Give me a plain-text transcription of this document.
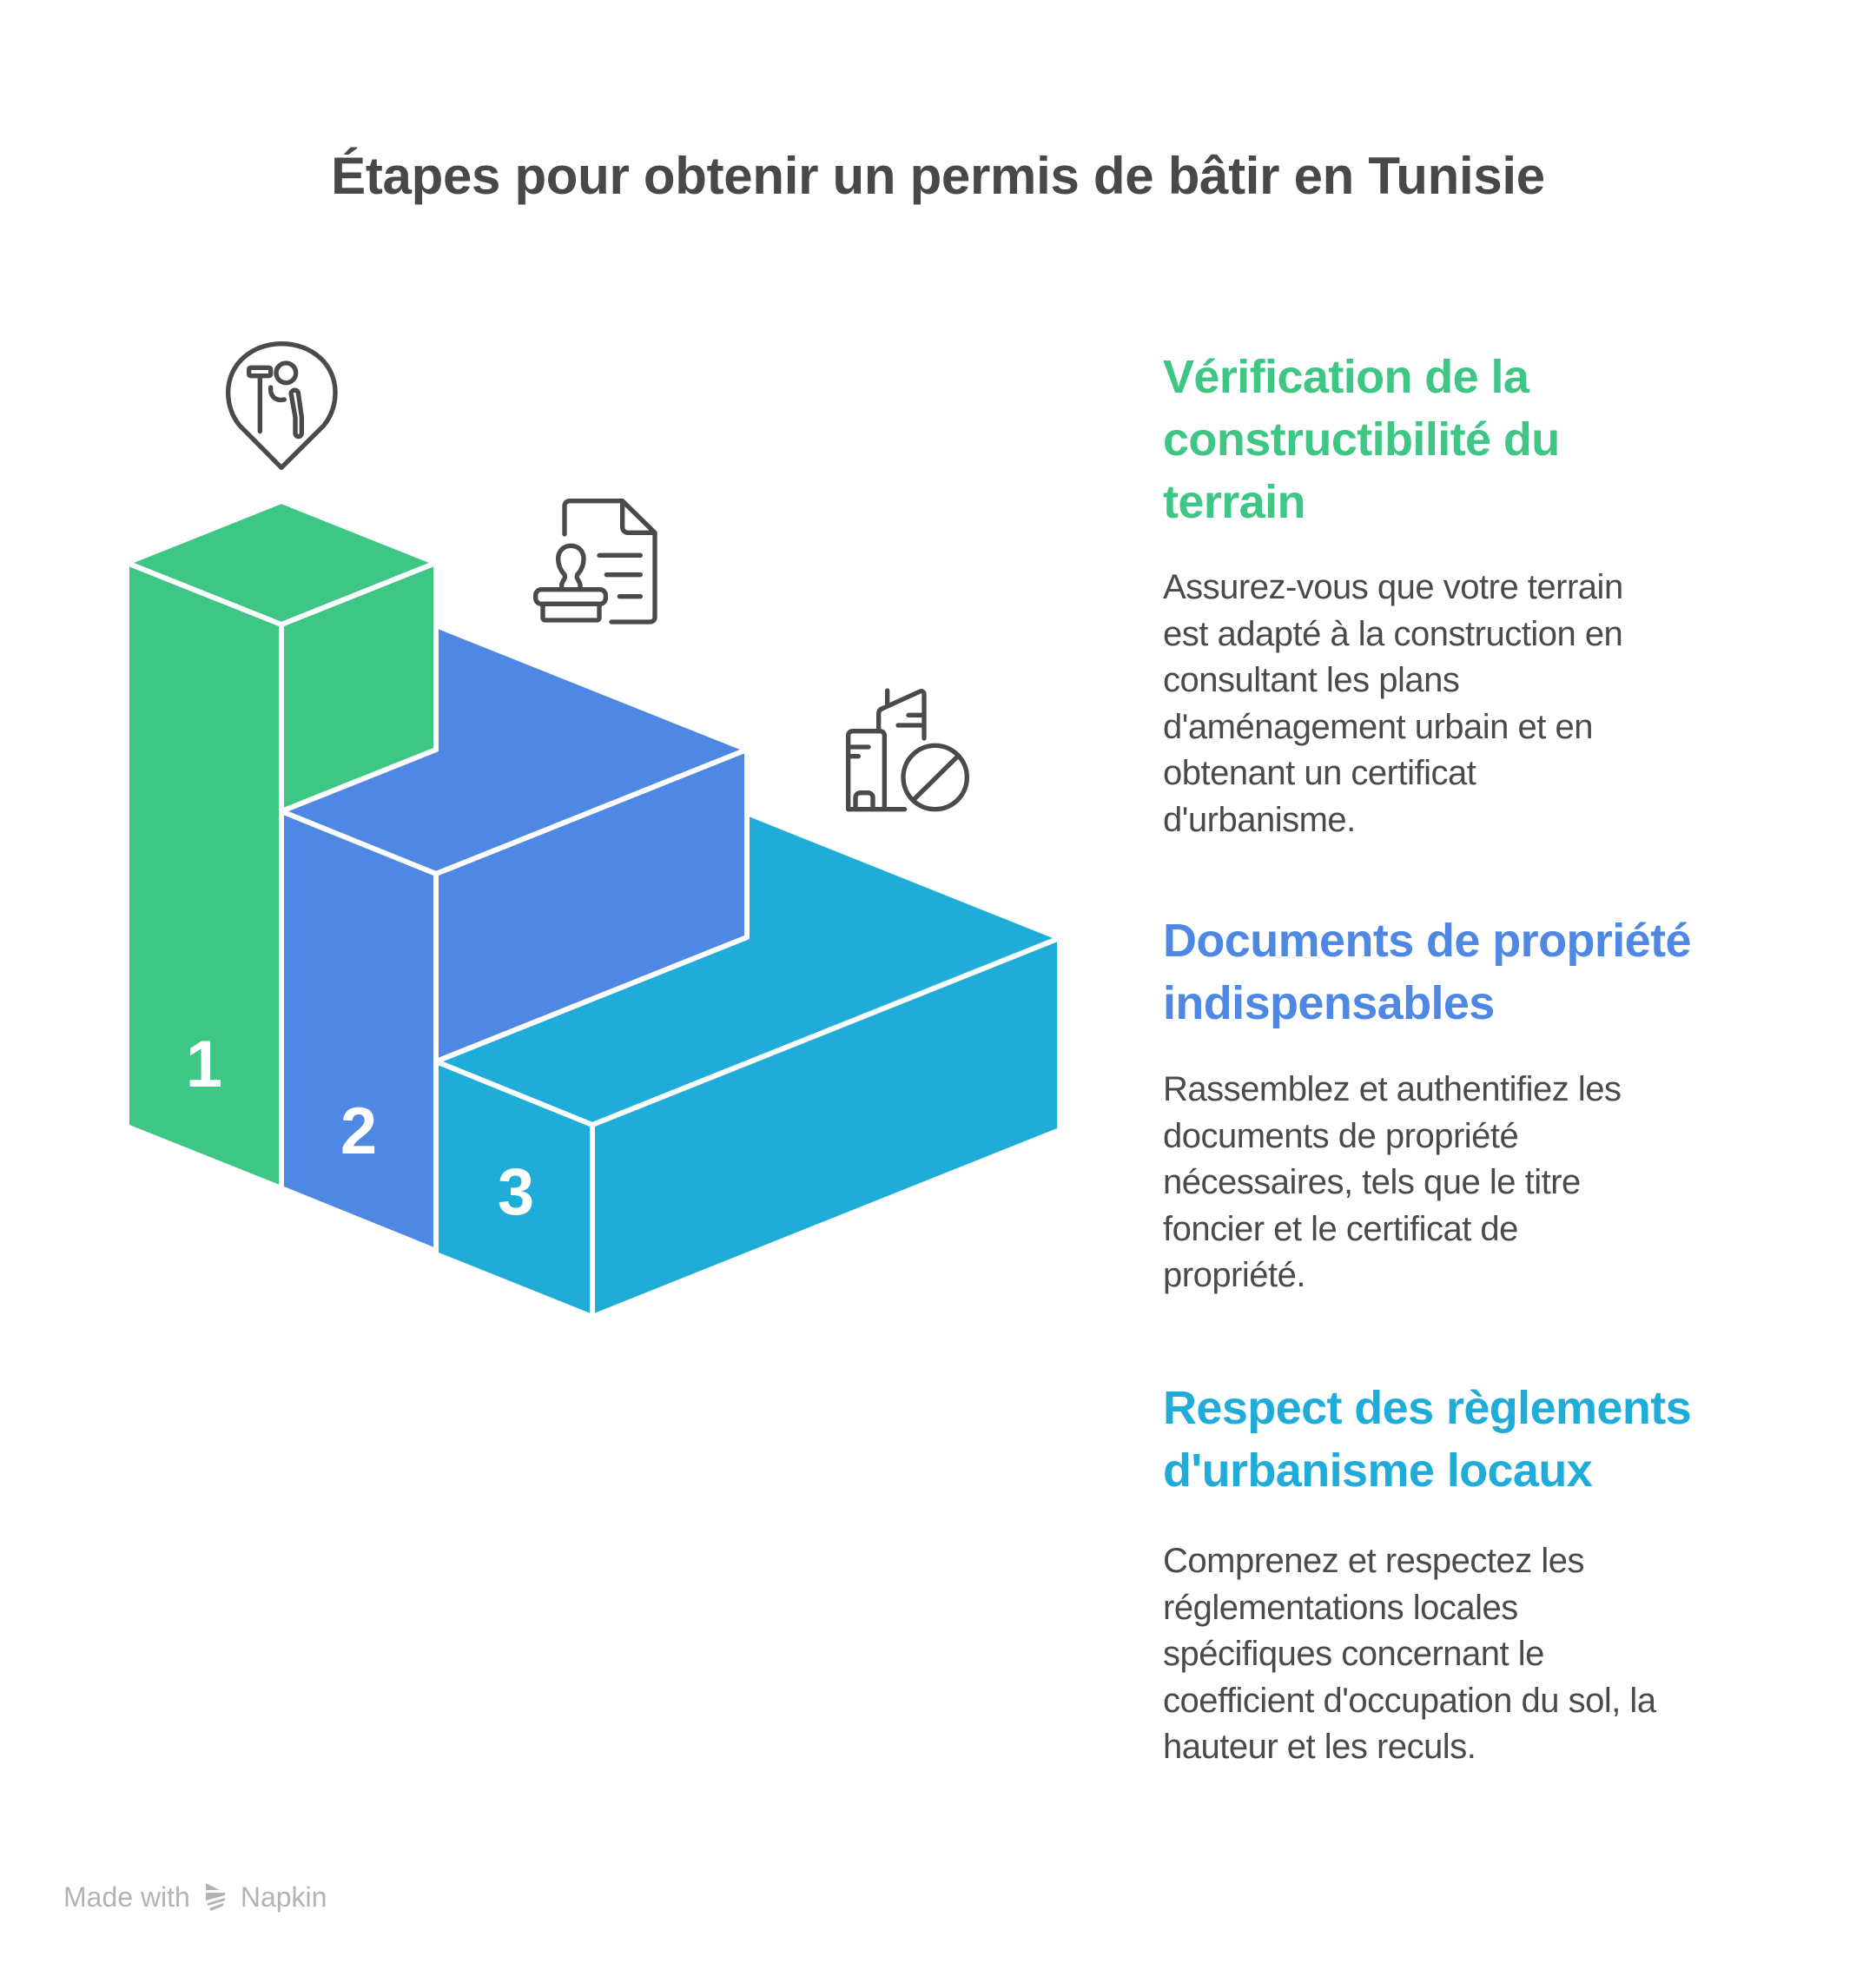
Étapes pour obtenir un permis de bâtir en Tunisie
1
2
3
Vérification de la
constructibilité du
terrain
Assurez-vous que votre terrain
est adapté à la construction en
consultant les plans
d'aménagement urbain et en
obtenant un certificat
d'urbanisme.
Documents de propriété
indispensables
Rassemblez et authentifiez les
documents de propriété
nécessaires, tels que le titre
foncier et le certificat de
propriété.
Respect des règlements
d'urbanisme locaux
Comprenez et respectez les
réglementations locales
spécifiques concernant le
coefficient d'occupation du sol, la
hauteur et les reculs.
Made with Napkin
